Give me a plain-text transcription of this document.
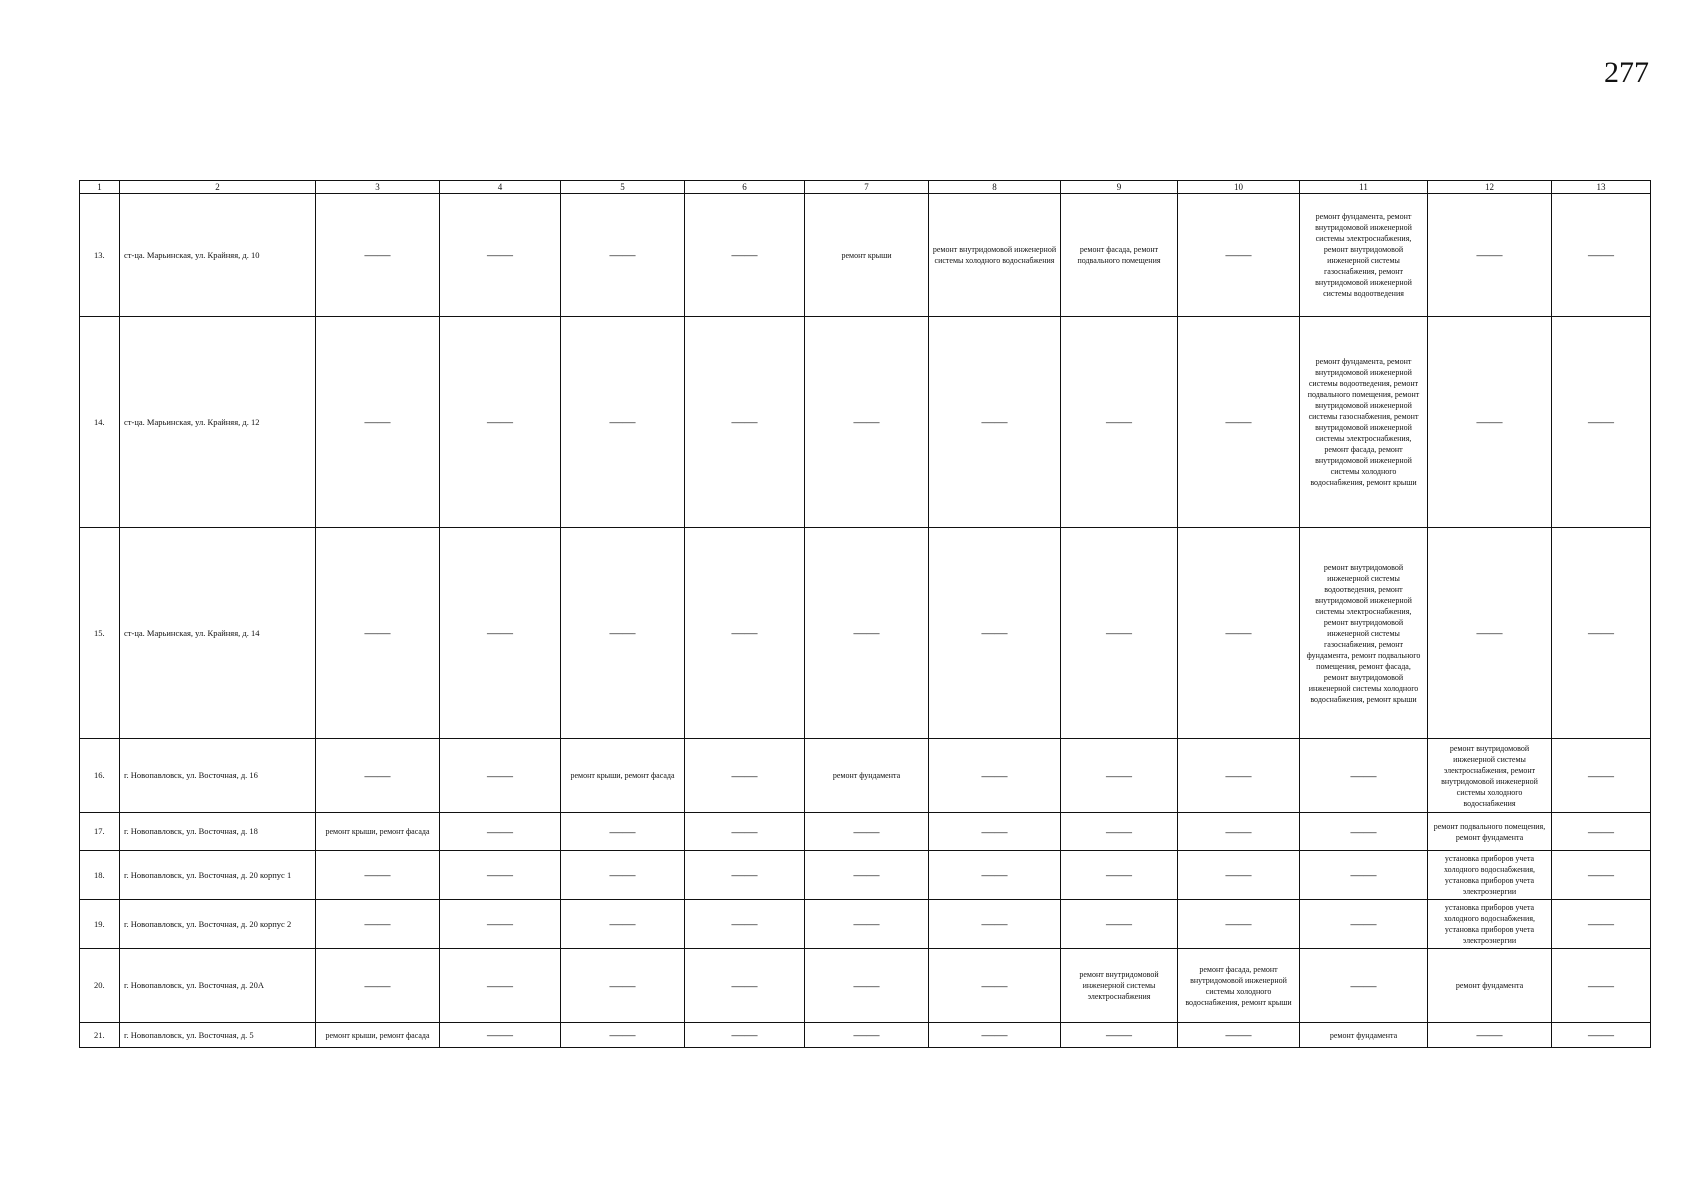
277
1	2	3	4	5	6	7	8	9	10	11	12	13
13.	ст-ца. Марьинская, ул. Крайняя, д. 10	——	——	——	——	ремонт крыши	ремонт внутридомовой инженерной системы холодного водоснабжения	ремонт фасада, ремонт подвального помещения	——	ремонт фундамента, ремонт внутридомовой инженерной системы электроснабжения, ремонт внутридомовой инженерной системы газоснабжения, ремонт внутридомовой инженерной системы водоотведения	——	——
14.	ст-ца. Марьинская, ул. Крайняя, д. 12	——	——	——	——	——	——	——	——	ремонт фундамента, ремонт внутридомовой инженерной системы водоотведения, ремонт подвального помещения, ремонт внутридомовой инженерной системы газоснабжения, ремонт внутридомовой инженерной системы электроснабжения, ремонт фасада, ремонт внутридомовой инженерной системы холодного водоснабжения, ремонт крыши	——	——
15.	ст-ца. Марьинская, ул. Крайняя, д. 14	——	——	——	——	——	——	——	——	ремонт внутридомовой инженерной системы водоотведения, ремонт внутридомовой инженерной системы электроснабжения, ремонт внутридомовой инженерной системы газоснабжения, ремонт фундамента, ремонт подвального помещения, ремонт фасада, ремонт внутридомовой инженерной системы холодного водоснабжения, ремонт крыши	——	——
16.	г. Новопавловск, ул. Восточная, д. 16	——	——	ремонт крыши, ремонт фасада	——	ремонт фундамента	——	——	——	——	ремонт внутридомовой инженерной системы электроснабжения, ремонт внутридомовой инженерной системы холодного водоснабжения	——
17.	г. Новопавловск, ул. Восточная, д. 18	ремонт крыши, ремонт фасада	——	——	——	——	——	——	——	——	ремонт подвального помещения, ремонт фундамента	——
18.	г. Новопавловск, ул. Восточная, д. 20 корпус 1	——	——	——	——	——	——	——	——	——	установка приборов учета холодного водоснабжения, установка приборов учета электроэнергии	——
19.	г. Новопавловск, ул. Восточная, д. 20 корпус 2	——	——	——	——	——	——	——	——	——	установка приборов учета холодного водоснабжения, установка приборов учета электроэнергии	——
20.	г. Новопавловск, ул. Восточная, д. 20А	——	——	——	——	——	——	ремонт внутридомовой инженерной системы электроснабжения	ремонт фасада, ремонт внутридомовой инженерной системы холодного водоснабжения, ремонт крыши	——	ремонт фундамента	——
21.	г. Новопавловск, ул. Восточная, д. 5	ремонт крыши, ремонт фасада	——	——	——	——	——	——	——	ремонт фундамента	——	——
